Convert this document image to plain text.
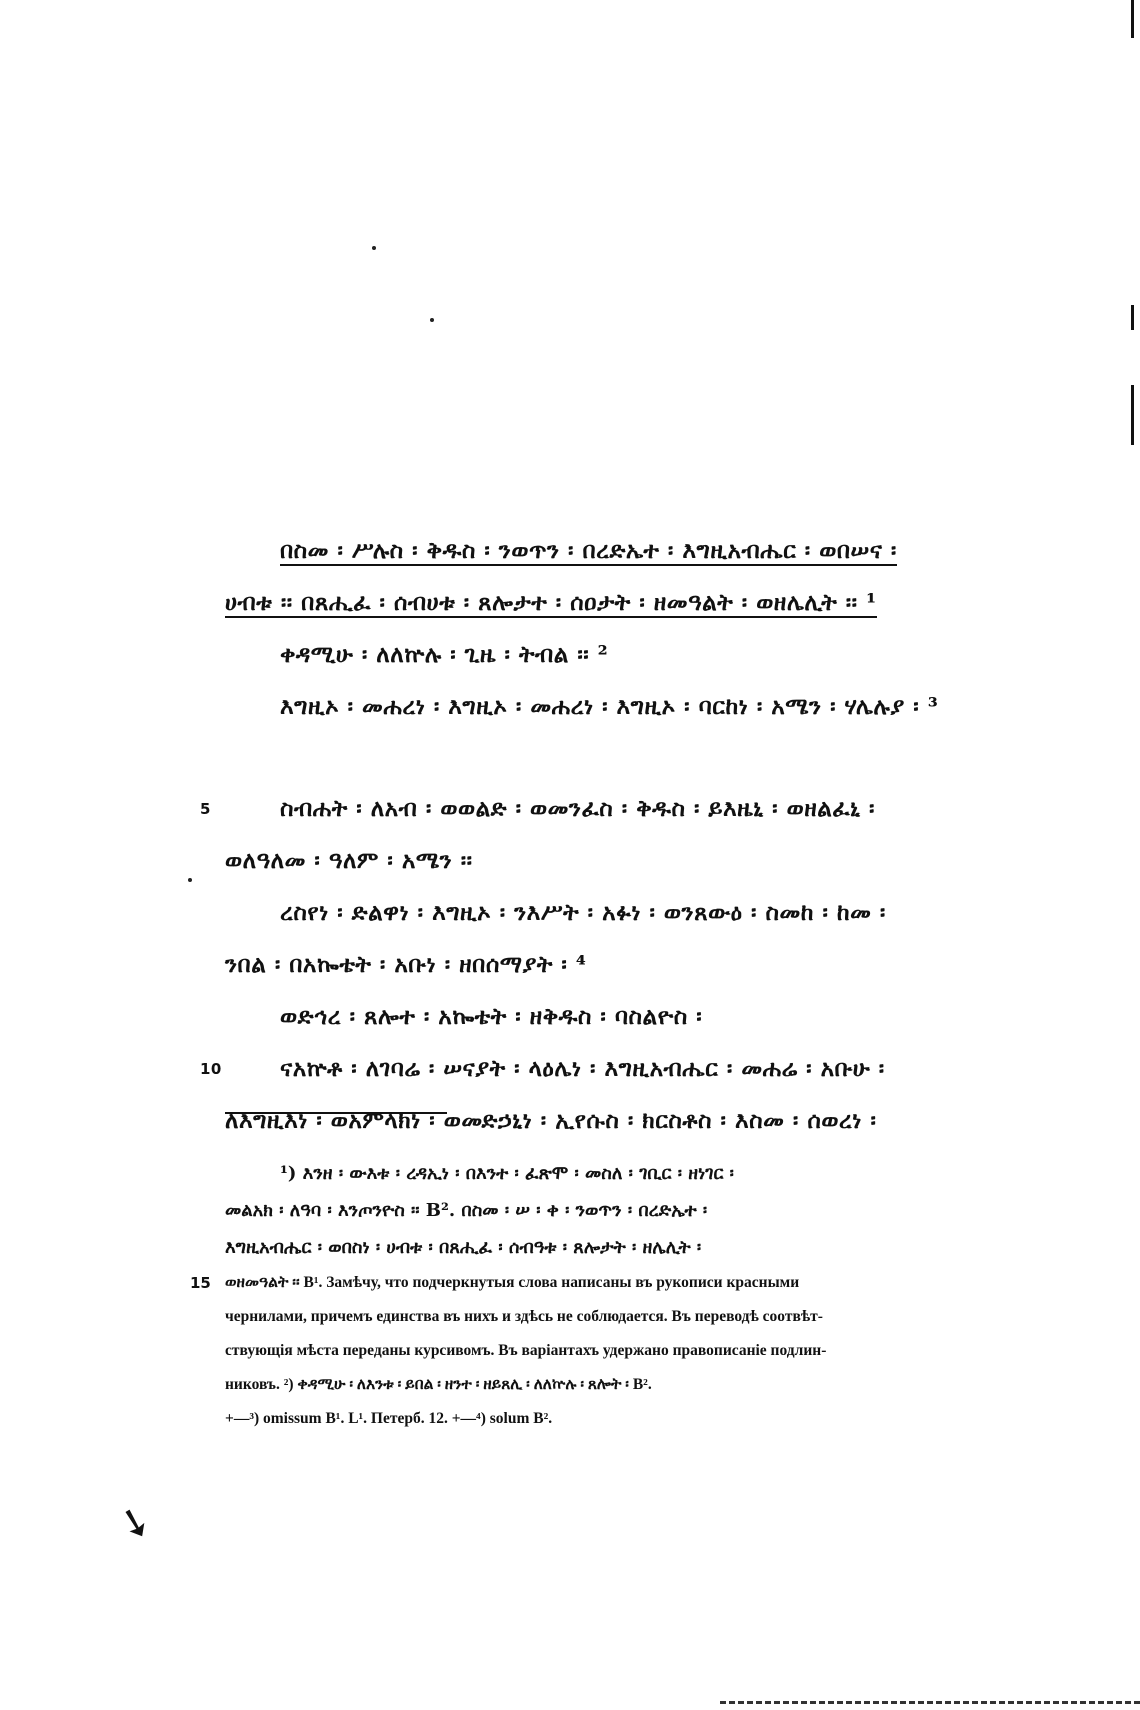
በስመ ፡ ሥሉስ ፡ ቅዱስ ፡ ንወጥን ፡ በረድኤተ ፡ እግዚአብሔር ፡ ወበሠና ፡
ሀብቱ ፡፡ በጸሒፈ ፡ ሰብሀቱ ፡ ጸሎታተ ፡ ሰዐታት ፡ ዘመዓልት ፡ ወዘሌሊት ፡፡ ¹
ቀዳሚሁ ፡ ለለኵሉ ፡ ጊዜ ፡ ትብል ፡፡ ²
እግዚኦ ፡ መሐረነ ፡ እግዚኦ ፡ መሐረነ ፡ እግዚኦ ፡ ባርከነ ፡ አሜን ፡ ሃሌሉያ ፡ ³
ስብሐት ፡ ለአብ ፡ ወወልድ ፡ ወመንፈስ ፡ ቅዱስ ፡ ይእዜኒ ፡ ወዘልፈኒ ፡
5
ወለዓለመ ፡ ዓለም ፡ አሜን ፡፡
ረስየነ ፡ ድልዋነ ፡ እግዚኦ ፡ ንእሥት ፡ አፉነ ፡ ወንጸውዕ ፡ ስመከ ፡ ከመ ፡
ንበል ፡ በአኰቴት ፡ አቡነ ፡ ዘበሰማያት ፡ ⁴
ወድኅረ ፡ ጸሎተ ፡ አኰቴት ፡ ዘቅዱስ ፡ ባስልዮስ ፡
ናአኵቶ ፡ ለገባሬ ፡ ሠናያት ፡ ላዕሌነ ፡ እግዚአብሔር ፡ መሐሬ ፡ አቡሁ ፡
10
ለእግዚእነ ፡ ወአምላክነ ፡ ወመድኃኒነ ፡ ኢየሱስ ፡ ክርስቶስ ፡ እስመ ፡ ሰወረነ ፡
¹) እንዘ ፡ ውእቱ ፡ ረዳኢነ ፡ በእንተ ፡ ፈጽሞ ፡ መስለ ፡ ገቢር ፡ ዘነገር ፡
መልአክ ፡ ለዓባ ፡ እንጦንዮስ ፡፡ B². በስመ ፡ ሠ ፡ ቀ ፡ ንወጥን ፡ በረድኤተ ፡
እግዚአብሔር ፡ ወበስነ ፡ ሀብቱ ፡ በጸሒፈ ፡ ሰብዓቱ ፡ ጸሎታት ፡ ዘሌሊት ፡
15 ወዘመዓልት ፡፡ B¹. Замѣчу, что подчеркнутыя слова написаны въ рукописи красными
чернилами, причемъ единства въ нихъ и здѣсь не соблюдается. Въ переводѣ соотвѣт-
ствующія мѣста переданы курсивомъ. Въ варіантахъ удержано правописаніе подлин-
никовъ. ²) ቀዳሚሁ ፡ ለእንቱ ፡ ይበል ፡ ዘንተ ፡ ዘይጸሊ ፡ ለለኵሉ ፡ ጸሎት ፡ B².
+—³) omissum B¹. L¹. Петерб. 12. +—⁴) solum B².
➘
